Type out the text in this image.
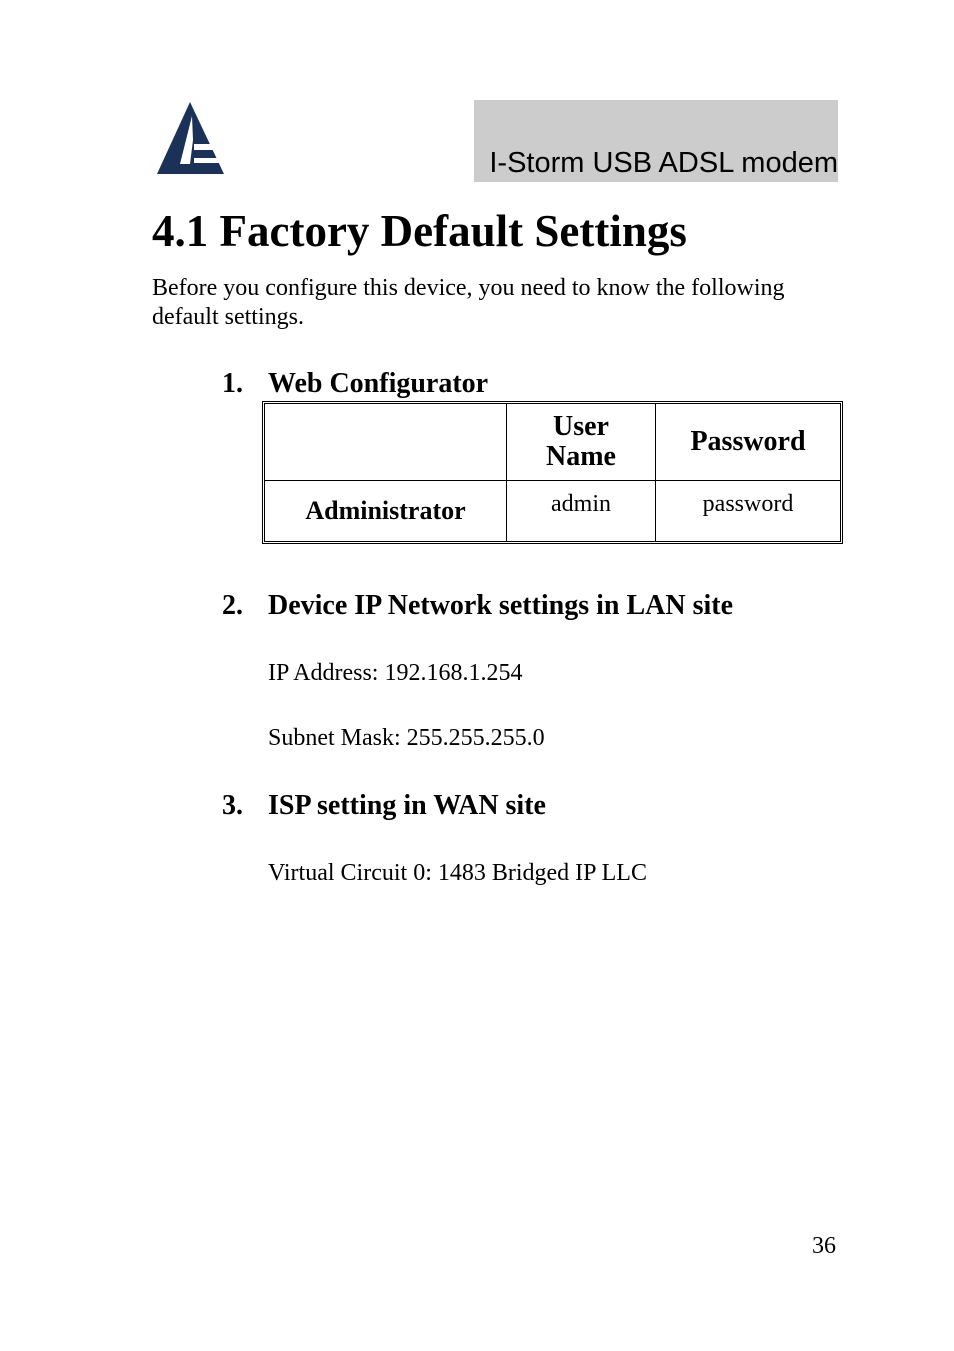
I-Storm USB ADSL modem
4.1 Factory Default Settings
Before you configure this device, you need to know the following default settings.
1. Web Configurator
	User Name	Password
Administrator	admin	password
2. Device IP Network settings in LAN site
IP Address: 192.168.1.254
Subnet Mask: 255.255.255.0
3. ISP setting in WAN site
Virtual Circuit 0: 1483 Bridged IP LLC
36
